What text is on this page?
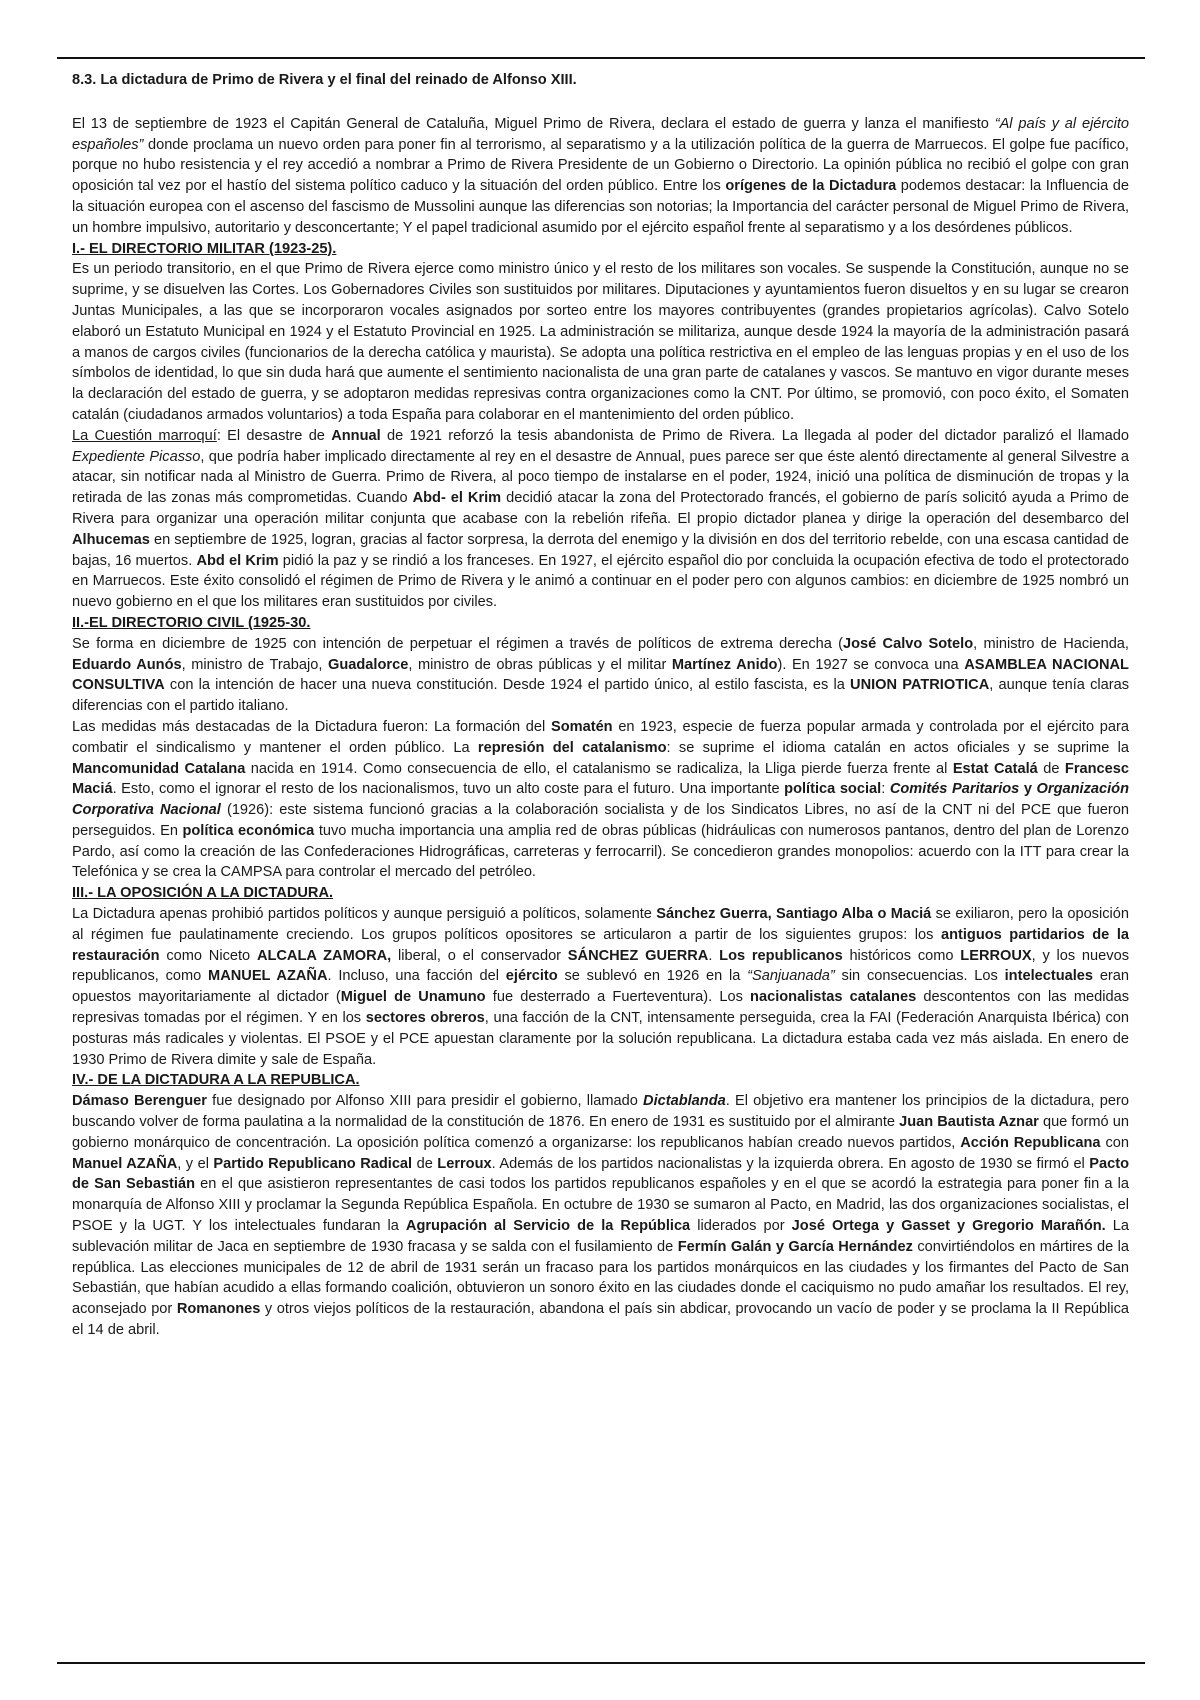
8.3. La dictadura de Primo de Rivera y el final del reinado de Alfonso XIII.

El 13 de septiembre de 1923 el Capitán General de Cataluña, Miguel Primo de Rivera, declara el estado de guerra y lanza el manifiesto “Al país y al ejército españoles” donde proclama un nuevo orden para poner fin al terrorismo, al separatismo y a la utilización política de la guerra de Marruecos. El golpe fue pacífico, porque no hubo resistencia y el rey accedió a nombrar a Primo de Rivera Presidente de un Gobierno o Directorio. La opinión pública no recibió el golpe con gran oposición tal vez por el hastío del sistema político caduco y la situación del orden público. Entre los orígenes de la Dictadura podemos destacar: la Influencia de la situación europea con el ascenso del fascismo de Mussolini aunque las diferencias son notorias; la Importancia del carácter personal de Miguel Primo de Rivera, un hombre impulsivo, autoritario y desconcertante; Y el papel tradicional asumido por el ejército español frente al separatismo y a los desórdenes públicos.

I.- EL DIRECTORIO MILITAR (1923-25).

Es un periodo transitorio, en el que Primo de Rivera ejerce como ministro único y el resto de los militares son vocales. Se suspende la Constitución, aunque no se suprime, y se disuelven las Cortes. Los Gobernadores Civiles son sustituidos por militares. Diputaciones y ayuntamientos fueron disueltos y en su lugar se crearon Juntas Municipales, a las que se incorporaron vocales asignados por sorteo entre los mayores contribuyentes (grandes propietarios agrícolas). Calvo Sotelo elaboró un Estatuto Municipal en 1924 y el Estatuto Provincial en 1925. La administración se militariza, aunque desde 1924 la mayoría de la administración pasará a manos de cargos civiles (funcionarios de la derecha católica y maurista). Se adopta una política restrictiva en el empleo de las lenguas propias y en el uso de los símbolos de identidad, lo que sin duda hará que aumente el sentimiento nacionalista de una gran parte de catalanes y vascos. Se mantuvo en vigor durante meses la declaración del estado de guerra, y se adoptaron medidas represivas contra organizaciones como la CNT. Por último, se promovió, con poco éxito, el Somaten catalán (ciudadanos armados voluntarios) a toda España para colaborar en el mantenimiento del orden público.

La Cuestión marroquí: El desastre de Annual de 1921 reforzó la tesis abandonista de Primo de Rivera. La llegada al poder del dictador paralizó el llamado Expediente Picasso, que podría haber implicado directamente al rey en el desastre de Annual, pues parece ser que éste alentó directamente al general Silvestre a atacar, sin notificar nada al Ministro de Guerra. Primo de Rivera, al poco tiempo de instalarse en el poder, 1924, inició una política de disminución de tropas y la retirada de las zonas más comprometidas. Cuando Abd- el Krim decidió atacar la zona del Protectorado francés, el gobierno de parís solicitó ayuda a Primo de Rivera para organizar una operación militar conjunta que acabase con la rebelión rifeña. El propio dictador planea y dirige la operación del desembarco del Alhucemas en septiembre de 1925, logran, gracias al factor sorpresa, la derrota del enemigo y la división en dos del territorio rebelde, con una escasa cantidad de bajas, 16 muertos. Abd el Krim pidió la paz y se rindió a los franceses. En 1927, el ejército español dio por concluida la ocupación efectiva de todo el protectorado en Marruecos. Este éxito consolidó el régimen de Primo de Rivera y le animó a continuar en el poder pero con algunos cambios: en diciembre de 1925 nombró un nuevo gobierno en el que los militares eran sustituidos por civiles.

II.-EL DIRECTORIO CIVIL (1925-30.

Se forma en diciembre de 1925 con intención de perpetuar el régimen a través de políticos de extrema derecha (José Calvo Sotelo, ministro de Hacienda, Eduardo Aunós, ministro de Trabajo, Guadalorce, ministro de obras públicas y el militar Martínez Anido). En 1927 se convoca una ASAMBLEA NACIONAL CONSULTIVA con la intención de hacer una nueva constitución. Desde 1924 el partido único, al estilo fascista, es la UNION PATRIOTICA, aunque tenía claras diferencias con el partido italiano.

Las medidas más destacadas de la Dictadura fueron: La formación del Somatén en 1923, especie de fuerza popular armada y controlada por el ejército para combatir el sindicalismo y mantener el orden público. La represión del catalanismo: se suprime el idioma catalán en actos oficiales y se suprime la Mancomunidad Catalana nacida en 1914. Como consecuencia de ello, el catalanismo se radicaliza, la Lliga pierde fuerza frente al Estat Catalá de Francesc Maciá. Esto, como el ignorar el resto de los nacionalismos, tuvo un alto coste para el futuro. Una importante política social: Comités Paritarios y Organización Corporativa Nacional (1926): este sistema funcionó gracias a la colaboración socialista y de los Sindicatos Libres, no así de la CNT ni del PCE que fueron perseguidos. En política económica tuvo mucha importancia una amplia red de obras públicas (hidráulicas con numerosos pantanos, dentro del plan de Lorenzo Pardo, así como la creación de las Confederaciones Hidrográficas, carreteras y ferrocarril). Se concedieron grandes monopolios: acuerdo con la ITT para crear la Telefónica y se crea la CAMPSA para controlar el mercado del petróleo.

III.- LA OPOSICIÓN A LA DICTADURA.

La Dictadura apenas prohibió partidos políticos y aunque persiguió a políticos, solamente Sánchez Guerra, Santiago Alba o Maciá se exiliaron, pero la oposición al régimen fue paulatinamente creciendo. Los grupos políticos opositores se articularon a partir de los siguientes grupos: los antiguos partidarios de la restauración como Niceto ALCALA ZAMORA, liberal, o el conservador SÁNCHEZ GUERRA. Los republicanos históricos como LERROUX, y los nuevos republicanos, como MANUEL AZAÑA. Incluso, una facción del ejército se sublevó en 1926 en la “Sanjuanada” sin consecuencias. Los intelectuales eran opuestos mayoritariamente al dictador (Miguel de Unamuno fue desterrado a Fuerteventura). Los nacionalistas catalanes descontentos con las medidas represivas tomadas por el régimen. Y en los sectores obreros, una facción de la CNT, intensamente perseguida, crea la FAI (Federación Anarquista Ibérica) con posturas más radicales y violentas. El PSOE y el PCE apuestan claramente por la solución republicana. La dictadura estaba cada vez más aislada. En enero de 1930 Primo de Rivera dimite y sale de España.

IV.- DE LA DICTADURA A LA REPUBLICA.

Dámaso Berenguer fue designado por Alfonso XIII para presidir el gobierno, llamado Dictablanda. El objetivo era mantener los principios de la dictadura, pero buscando volver de forma paulatina a la normalidad de la constitución de 1876. En enero de 1931 es sustituido por el almirante Juan Bautista Aznar que formó un gobierno monárquico de concentración. La oposición política comenzó a organizarse: los republicanos habían creado nuevos partidos, Acción Republicana con Manuel AZAÑA, y el Partido Republicano Radical de Lerroux. Además de los partidos nacionalistas y la izquierda obrera. En agosto de 1930 se firmó el Pacto de San Sebastián en el que asistieron representantes de casi todos los partidos republicanos españoles y en el que se acordó la estrategia para poner fin a la monarquía de Alfonso XIII y proclamar la Segunda República Española. En octubre de 1930 se sumaron al Pacto, en Madrid, las dos organizaciones socialistas, el PSOE y la UGT. Y los intelectuales fundaran la Agrupación al Servicio de la República liderados por José Ortega y Gasset y Gregorio Marañón. La sublevación militar de Jaca en septiembre de 1930 fracasa y se salda con el fusilamiento de Fermín Galán y García Hernández convirtiéndolos en mártires de la república. Las elecciones municipales de 12 de abril de 1931 serán un fracaso para los partidos monárquicos en las ciudades y los firmantes del Pacto de San Sebastián, que habían acudido a ellas formando coalición, obtuvieron un sonoro éxito en las ciudades donde el caciquismo no pudo amañar los resultados. El rey, aconsejado por Romanones y otros viejos políticos de la restauración, abandona el país sin abdicar, provocando un vacío de poder y se proclama la II República el 14 de abril.
